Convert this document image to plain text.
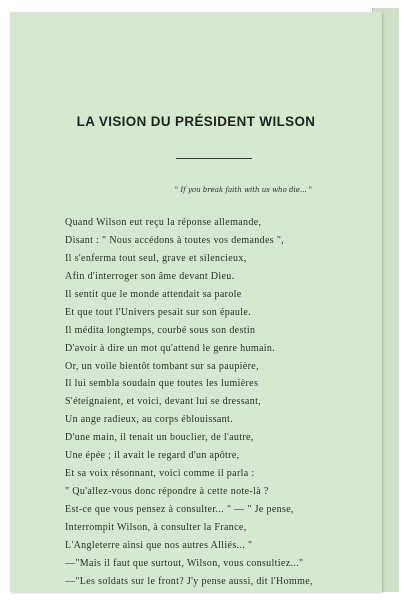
LA VISION DU PRÉSIDENT WILSON
" If you break faith with us who die... "
Quand Wilson eut reçu la réponse allemande,
Disant : " Nous accédons à toutes vos demandes ",
Il s'enferma tout seul, grave et silencieux,
Afin d'interroger son âme devant Dieu.
Il sentit que le monde attendait sa parole
Et que tout l'Univers pesait sur son épaule.
Il médita longtemps, courbé sous son destin
D'avoir à dire un mot qu'attend le genre humain.
Or, un voile bientôt tombant sur sa paupière,
Il lui sembla soudain que toutes les lumières
S'éteignaient, et voici, devant lui se dressant,
Un ange radieux, au corps éblouissant.
D'une main, il tenait un bouclier, de l'autre,
Une épée ; il avait le regard d'un apôtre,
Et sa voix résonnant, voici comme il parla :
" Qu'allez-vous donc répondre à cette note-là ?
Est-ce que vous pensez à consulter... " — " Je pense,
Interrompit Wilson, à consulter la France,
L'Angleterre ainsi que nos autres Alliés... "
—"Mais il faut que surtout, Wilson, vous consultiez..."
—"Les soldats sur le front? J'y pense aussi, dit l'Homme,
